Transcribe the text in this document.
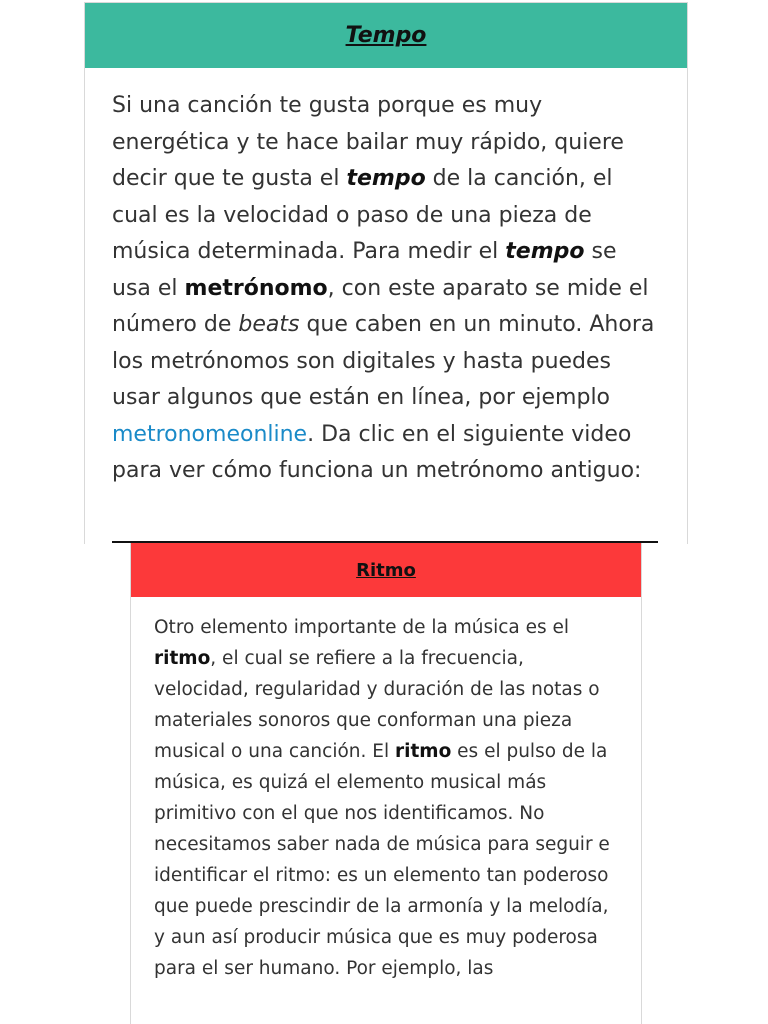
Tempo
Si una canción te gusta porque es muy energética y te hace bailar muy rápido, quiere decir que te gusta el tempo de la canción, el cual es la velocidad o paso de una pieza de música determinada. Para medir el tempo se usa el metrónomo, con este aparato se mide el número de beats que caben en un minuto. Ahora los metrónomos son digitales y hasta puedes usar algunos que están en línea, por ejemplo metronomeonline. Da clic en el siguiente video para ver cómo funciona un metrónomo antiguo:
Ritmo
Otro elemento importante de la música es el ritmo, el cual se refiere a la frecuencia, velocidad, regularidad y duración de las notas o materiales sonoros que conforman una pieza musical o una canción. El ritmo es el pulso de la música, es quizá el elemento musical más primitivo con el que nos identificamos. No necesitamos saber nada de música para seguir e identificar el ritmo: es un elemento tan poderoso que puede prescindir de la armonía y la melodía, y aun así producir música que es muy poderosa para el ser humano. Por ejemplo, las
